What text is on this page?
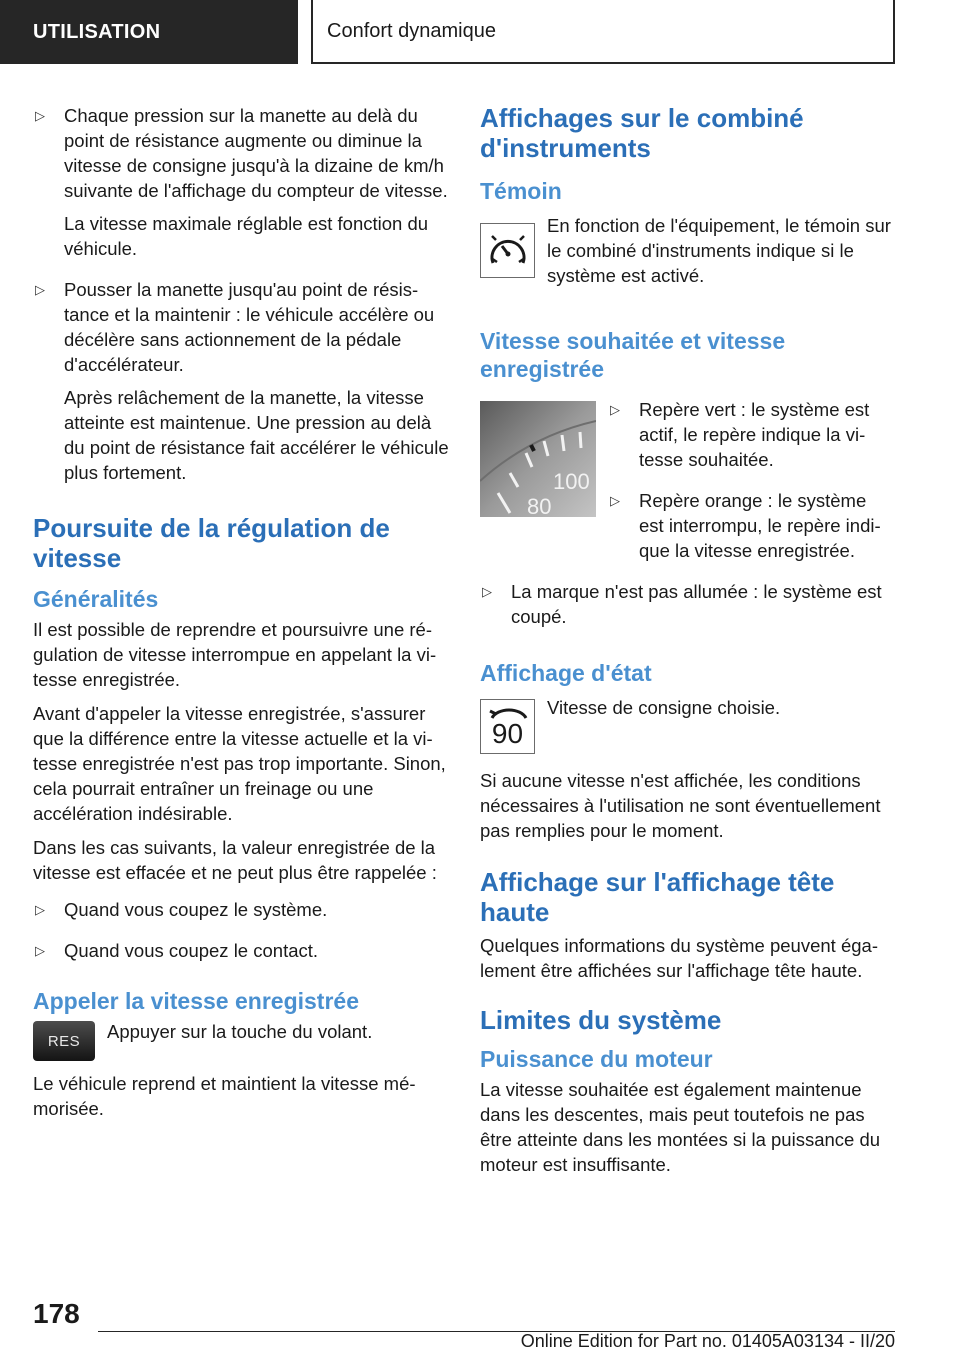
UTILISATION	Confort dynamique
▷	Chaque pression sur la manette au delà du point de résistance augmente ou diminue la vitesse de consigne jusqu'à la dizaine de km/h suivante de l'affichage du compteur de vitesse.

La vitesse maximale réglable est fonction du véhicule.

▷	Pousser la manette jusqu'au point de résistance et la maintenir : le véhicule accélère ou décélère sans actionnement de la pédale d'accélérateur.

Après relâchement de la manette, la vitesse atteinte est maintenue. Une pression au delà du point de résistance fait accélérer le véhicule plus fortement.

Poursuite de la régulation de vitesse
Généralités

Il est possible de reprendre et poursuivre une régulation de vitesse interrompue en appelant la vitesse enregistrée.

Avant d'appeler la vitesse enregistrée, s'assurer que la différence entre la vitesse actuelle et la vitesse enregistrée n'est pas trop importante. Sinon, cela pourrait entraîner un freinage ou une accélération indésirable.

Dans les cas suivants, la valeur enregistrée de la vitesse est effacée et ne peut plus être rappelée :

▷	Quand vous coupez le système.

▷	Quand vous coupez le contact.

Appeler la vitesse enregistrée
RES Appuyer sur la touche du volant.

Le véhicule reprend et maintient la vitesse mémorisée.

Affichages sur le combiné d'instruments
Témoin

En fonction de l'équipement, le témoin sur le combiné d'instruments indique si le système est activé.

Vitesse souhaitée et vitesse enregistrée
100
80
▷	Repère vert : le système est actif, le repère indique la vitesse souhaitée.

▷	Repère orange : le système est interrompu, le repère indique la vitesse enregistrée.

▷	La marque n'est pas allumée : le système est coupé.

Affichage d'état
90

Vitesse de consigne choisie.

Si aucune vitesse n'est affichée, les conditions nécessaires à l'utilisation ne sont éventuellement pas remplies pour le moment.

Affichage sur l'affichage tête haute

Quelques informations du système peuvent également être affichées sur l'affichage tête haute.

Limites du système
Puissance du moteur

La vitesse souhaitée est également maintenue dans les descentes, mais peut toutefois ne pas être atteinte dans les montées si la puissance du moteur est insuffisante.

178
Online Edition for Part no. 01405A03134 - II/20
